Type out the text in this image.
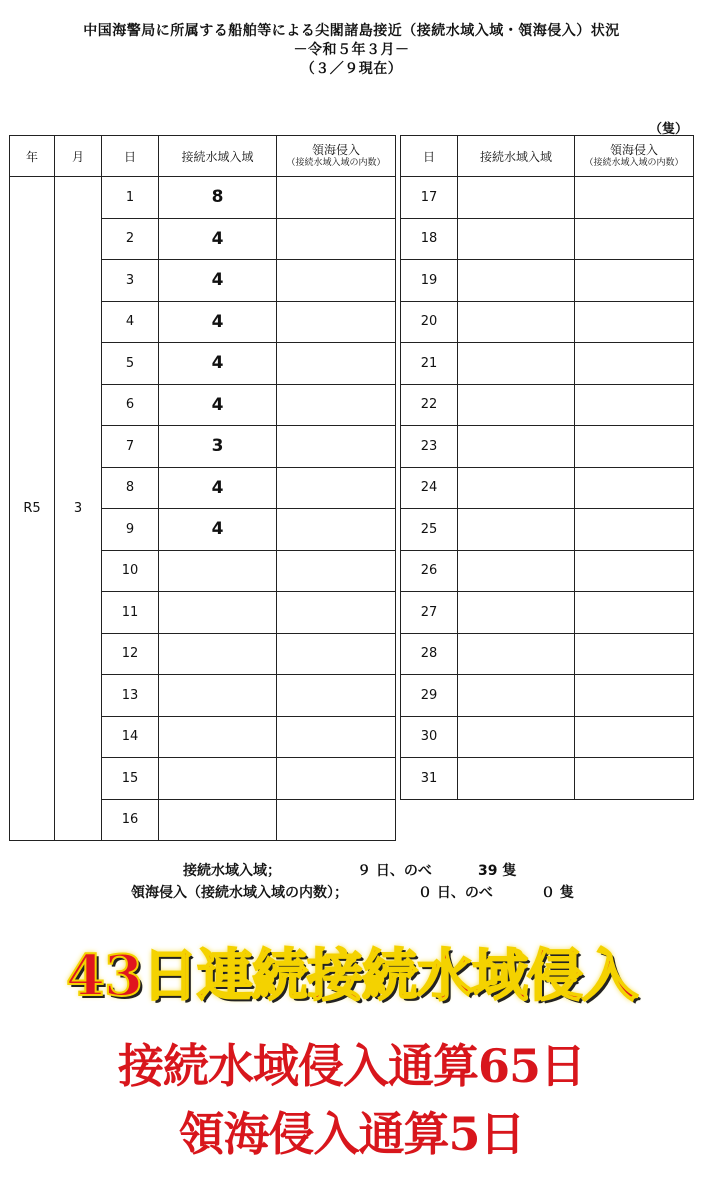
中国海警局に所属する船舶等による尖閣諸島接近（接続水域入域・領海侵入）状況
－令和５年３月－
（３／９現在）
（隻）
年	月	日	接続水域入域	領海侵入
（接続水域入域の内数）

R5	3	1	8	
		2	4	
		3	4	
		4	4	
		5	4	
		6	4	
		7	3	
		8	4	
		9	4	
		10		
		11		
		12		
		13		
		14		
		15		
		16		
日	接続水域入域	領海侵入
（接続水域入域の内数）

17		
18		
19		
20		
21		
22		
23		
24		
25		
26		
27		
28		
29		
30		
31		
接続水域入域；	９ 日、のべ	39 隻
領海侵入（接続水域入域の内数）；	０ 日、のべ	０ 隻
43日連続接続水域侵入
接続水域侵入通算65日
領海侵入通算5日
